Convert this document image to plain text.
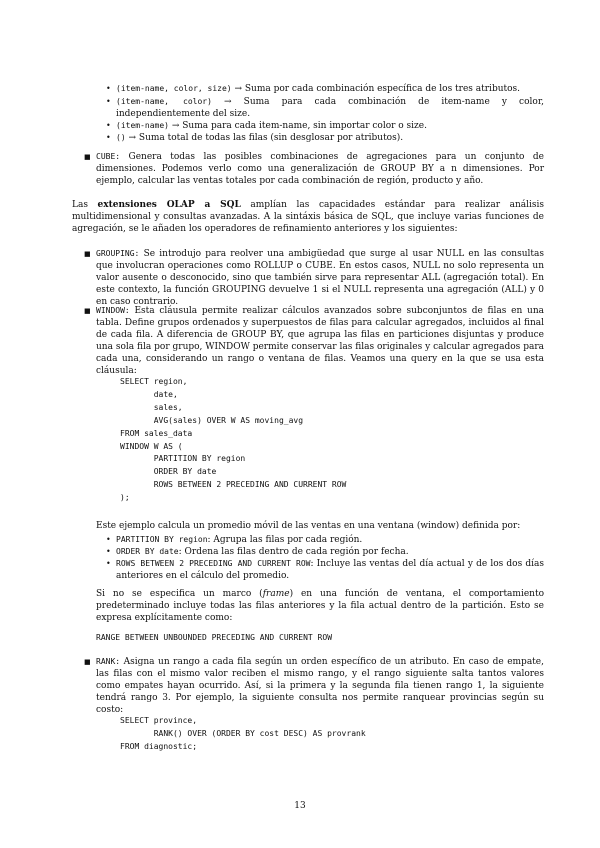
• (item-name, color, size) → Suma por cada combinación específica de los tres atributos.
• (item-name, color) → Suma para cada combinación de item-name y color, independientemente del size.
• (item-name) → Suma para cada item-name, sin importar color o size.
• () → Suma total de todas las filas (sin desglosar por atributos).
■ CUBE: Genera todas las posibles combinaciones de agregaciones para un conjunto de dimensiones. Podemos verlo como una generalización de GROUP BY a n dimensiones. Por ejemplo, calcular las ventas totales por cada combinación de región, producto y año.
Las extensiones OLAP a SQL amplían las capacidades estándar para realizar análisis multidimensional y consultas avanzadas. A la sintáxis básica de SQL, que incluye varias funciones de agregación, se le añaden los operadores de refinamiento anteriores y los siguientes:
■ GROUPING: Se introdujo para reolver una ambigüedad que surge al usar NULL en las consultas que involucran operaciones como ROLLUP o CUBE. En estos casos, NULL no solo representa un valor ausente o desconocido, sino que también sirve para representar ALL (agregación total). En este contexto, la función GROUPING devuelve 1 si el NULL representa una agregación (ALL) y 0 en caso contrario.
■ WINDOW: Esta cláusula permite realizar cálculos avanzados sobre subconjuntos de filas en una tabla. Define grupos ordenados y superpuestos de filas para calcular agregados, incluidos al final de cada fila. A diferencia de GROUP BY, que agrupa las filas en particiones disjuntas y produce una sola fila por grupo, WINDOW permite conservar las filas originales y calcular agregados para cada una, considerando un rango o ventana de filas. Veamos una query en la que se usa esta cláusula:
SELECT region,
date,
sales,
AVG(sales) OVER W AS moving_avg
FROM sales_data
WINDOW W AS (
PARTITION BY region
ORDER BY date
ROWS BETWEEN 2 PRECEDING AND CURRENT ROW
);
Este ejemplo calcula un promedio móvil de las ventas en una ventana (window) definida por:
• PARTITION BY region: Agrupa las filas por cada región.
• ORDER BY date: Ordena las filas dentro de cada región por fecha.
• ROWS BETWEEN 2 PRECEDING AND CURRENT ROW: Incluye las ventas del día actual y de los dos días anteriores en el cálculo del promedio.
Si no se especifica un marco (frame) en una función de ventana, el comportamiento predeterminado incluye todas las filas anteriores y la fila actual dentro de la partición. Esto se expresa explícitamente como:
RANGE BETWEEN UNBOUNDED PRECEDING AND CURRENT ROW
■ RANK: Asigna un rango a cada fila según un orden específico de un atributo. En caso de empate, las filas con el mismo valor reciben el mismo rango, y el rango siguiente salta tantos valores como empates hayan ocurrido. Así, si la primera y la segunda fila tienen rango 1, la siguiente tendrá rango 3. Por ejemplo, la siguiente consulta nos permite ranquear provincias según su costo:
SELECT province,
RANK() OVER (ORDER BY cost DESC) AS provrank
FROM diagnostic;
13
